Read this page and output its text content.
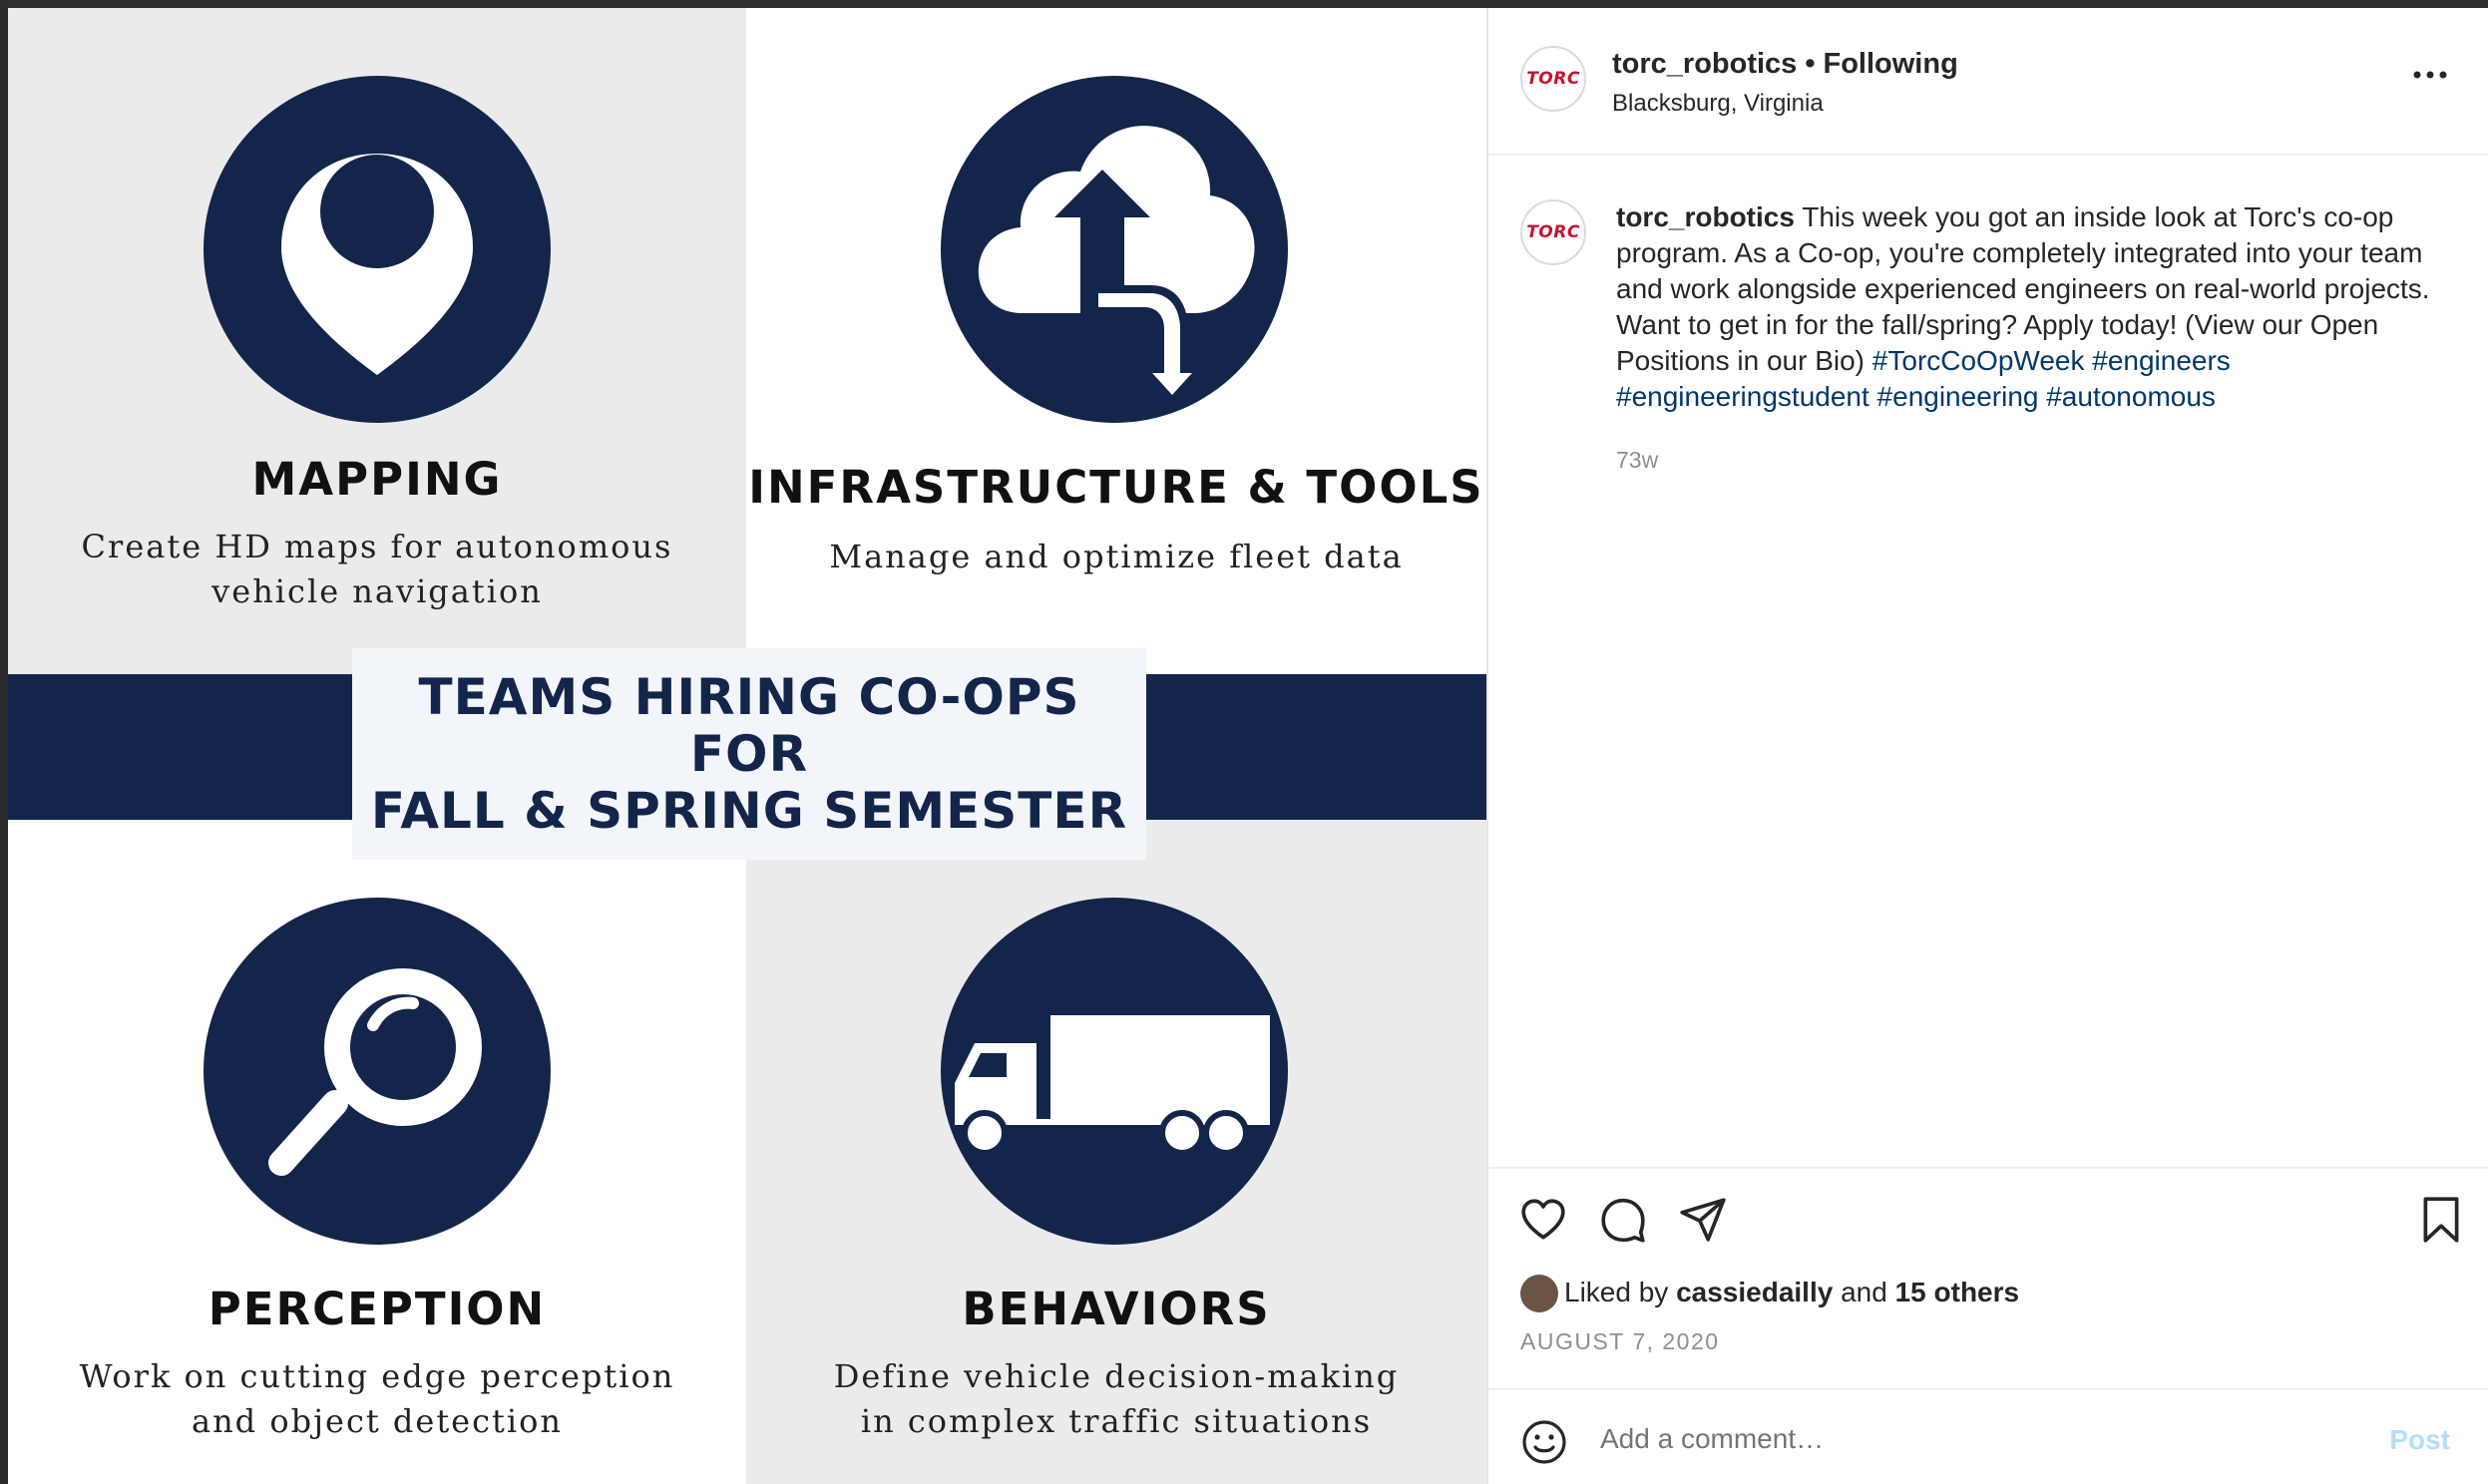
MAPPING
Create HD maps for autonomous
vehicle navigation
INFRASTRUCTURE & TOOLS
Manage and optimize fleet data
TEAMS HIRING CO-OPS FOR
FALL & SPRING SEMESTER
PERCEPTION
Work on cutting edge perception
and object detection
BEHAVIORS
Define vehicle decision-making
in complex traffic situations
TORC torc_robotics • Following
Blacksburg, Virginia
TORC torc_robotics This week you got an inside look at Torc's co-op program. As a Co-op, you're completely integrated into your team and work alongside experienced engineers on real-world projects. Want to get in for the fall/spring? Apply today! (View our Open Positions in our Bio) #TorcCoOpWeek #engineers #engineeringstudent #engineering #autonomous
73w
Liked by cassiedailly and 15 others
AUGUST 7, 2020
Add a comment…
Post
